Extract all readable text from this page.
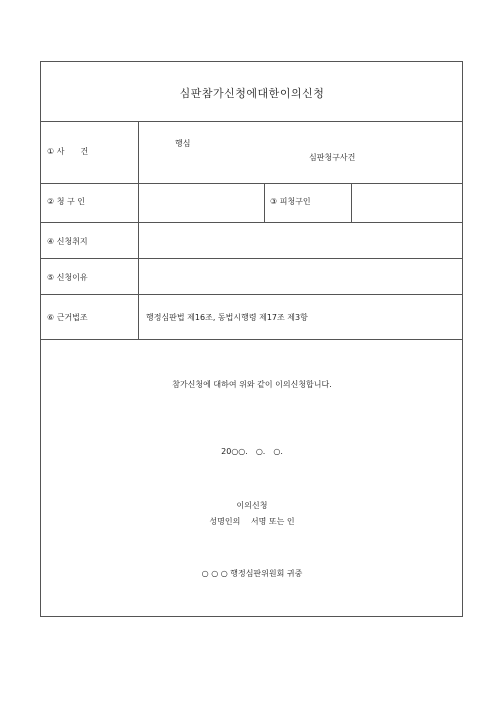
심판참가신청에대한이의신청
① 사　　건
행심
심판청구사건
② 청 구 인	③ 피청구인
④ 신청취지
⑤ 신청이유
⑥ 근거법조	행정심판법 제16조, 동법시행령 제17조 제3항
참가신청에 대하여 위와 같이 이의신청합니다.
20○○.　○.　○.
이의신청
성명인의　 서명 또는 인
○ ○ ○ 행정심판위원회 귀중
